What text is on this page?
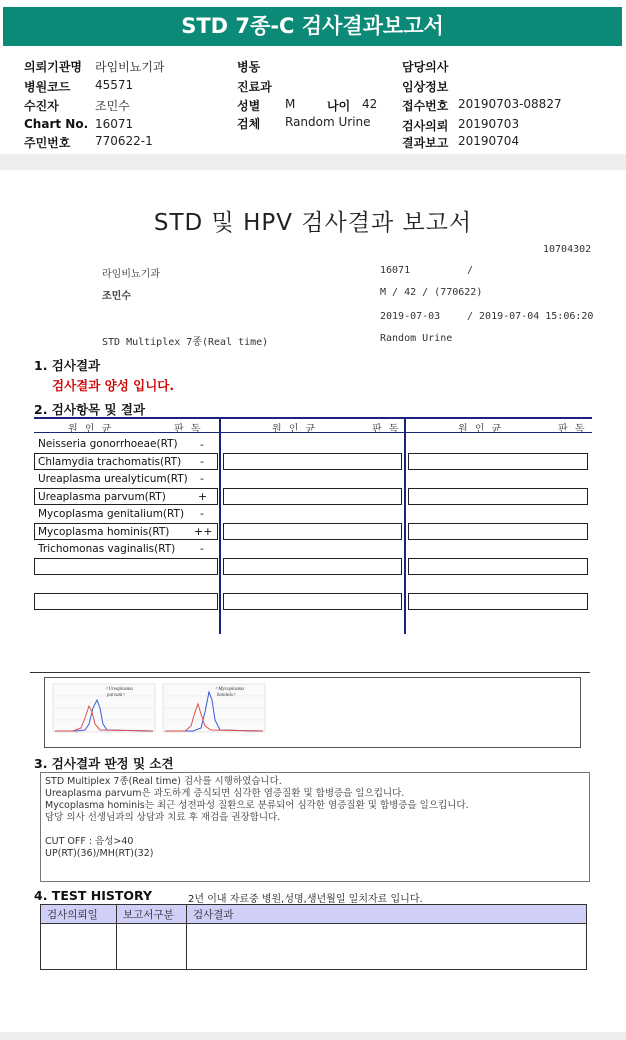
STD 7종-C 검사결과보고서
의뢰기관명 라임비뇨기과
병원코드 45571
수진자	조민수
Chart No. 16071
주민번호 770622-1
병동
진료과
성별 M	나이 42
검체 Random Urine
담당의사
임상정보
접수번호 20190703-08827
검사의뢰 20190703
결과보고 20190704
STD 및 HPV 검사결과 보고서
10704302
라임비뇨기과	16071	/
조민수	M / 42 / (770622)
2019-07-03	/ 2019-07-04 15:06:20
STD Multiplex 7종(Real time)	Random Urine
1. 검사결과
검사결과 양성 입니다.
2. 검사항목 및 결과
원 인 균	판 독	원 인 균	판 독	원 인 균	판 독
Neisseria gonorrhoeae(RT) -
Chlamydia trachomatis(RT) -
Ureaplasma urealyticum(RT) -
Ureaplasma parvum(RT)	+
Mycoplasma genitalium(RT) -
Mycoplasma hominis(RT) ++
Trichomonas vaginalis(RT) -
<Ureaplasma
parvum>
<Mycoplasma
hominis>
3. 검사결과 판정 및 소견
STD Multiplex 7종(Real time) 검사를 시행하였습니다.
Ureaplasma parvum은 과도하게 증식되면 심각한 염증질환 및 합병증을 일으킵니다.
Mycoplasma hominis는 최근 성전파성 질환으로 분류되어 심각한 염증질환 및 합병증을 일으킵니다.
담당 의사 선생님과의 상담과 치료 후 재검을 권장합니다.
CUT OFF : 음성>40
UP(RT)(36)/MH(RT)(32)
4. TEST HISTORY	2년 이내 자료중 병원,성명,생년월일 일치자료 입니다.
검사의뢰일	보고서구분	검사결과
